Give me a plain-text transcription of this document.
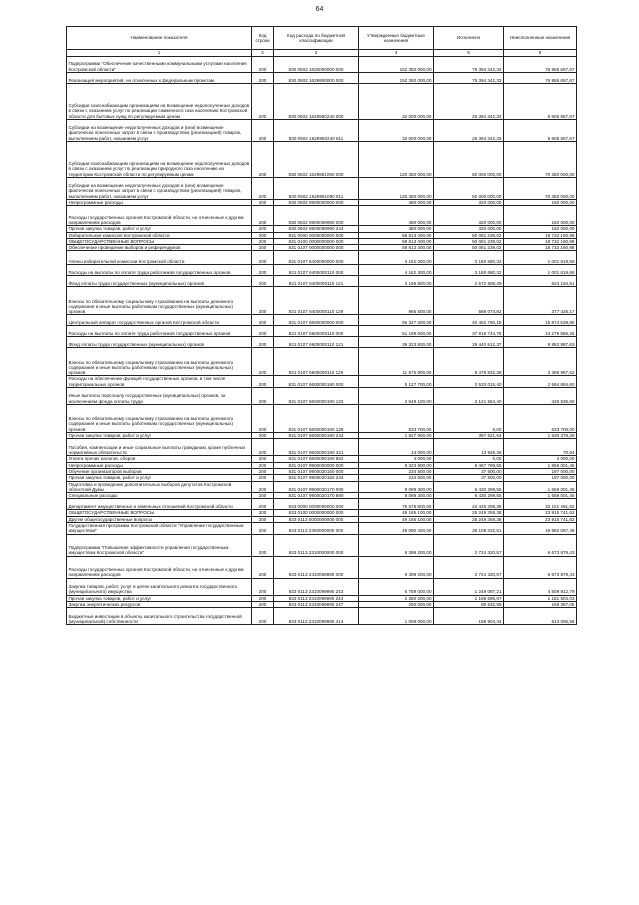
64
Наименование показателя	Код строки	Код расхода по бюджетной классификации	Утвержденные бюджетные назначения	Исполнено	Неисполненные назначения
1	2	3	4	5	6
Подпрограмма "Обеспечение качественными коммунальными услугами населения Костромской области"	200	830 0502 1620000000 000	152 350 000,00	75 394 342,33	76 955 657,67
Реализация мероприятий, не отнесенных к федеральным проектам	200	830 0502 1629900000 000	152 350 000,00	75 394 342,33	76 955 657,67
Субсидии газоснабжающим организациям на возмещение недополученных доходов в связи с оказанием услуг по реализации сжиженного газа населению Костромской области для бытовых нужд по регулируемым ценам	200	830 0502 1629960240 000	32 000 000,00	25 394 342,33	6 605 657,67
Субсидии на возмещение недополученных доходов и (или) возмещение фактически понесенных затрат в связи с производством (реализацией) товаров, выполнением работ, оказанием услуг	200	830 0502 1629960240 811	32 000 000,00	25 394 342,33	6 605 657,67
Субсидии газоснабжающим организациям на возмещение недополученных доходов в связи с оказанием услуг по реализации природного газа населению на территории Костромской области по регулируемым ценам	200	830 0502 1629961090 000	120 350 000,00	50 000 000,00	70 350 000,00
Субсидии на возмещение недополученных доходов и (или) возмещение фактически понесенных затрат в связи с производством (реализацией) товаров, выполнением работ, оказанием услуг	200	830 0502 1629961090 811	120 350 000,00	50 000 000,00	70 350 000,00
Непрограммные расходы	200	830 0502 9900000000 000	480 000,00	320 000,00	160 000,00
Расходы государственных органов Костромской области, не отнесенные к другим направлениям расходов	200	830 0502 9900099990 000	480 000,00	320 000,00	160 000,00
Прочая закупка товаров, работ и услуг	200	830 0502 9900099990 244	480 000,00	320 000,00	160 000,00
Избирательная комиссия Костромской области	200	831 0000 0000000000 000	68 813 400,00	50 081 239,02	18 732 160,98
ОБЩЕГОСУДАРСТВЕННЫЕ ВОПРОСЫ	200	831 0100 0000000000 000	68 813 400,00	50 081 239,02	18 732 160,98
Обеспечение проведения выборов и референдумов	200	831 0107 0000000000 000	68 813 400,00	50 081 239,02	18 732 160,98
Члены избирательной комиссии Костромской области	200	831 0107 6400000000 000	4 162 300,00	3 160 680,32	1 001 619,68
Расходы на выплаты по оплате труда работников государственных органов	200	831 0107 6400000110 000	4 162 300,00	3 160 680,32	1 001 619,68
Фонд оплаты труда государственных (муниципальных) органов	200	831 0107 6400000110 121	3 196 800,00	2 572 605,49	624 194,51
Взносы по обязательному социальному страхованию на выплаты денежного содержания и иные выплаты работникам государственных (муниципальных) органов	200	831 0107 6400000110 129	965 500,00	588 074,83	377 425,17
Центральный аппарат государственных органов Костромской области	200	831 0107 6600000000 000	56 327 300,00	40 452 760,15	15 874 539,85
Расходы на выплаты по оплате труда работников государственных органов	200	831 0107 6600000110 000	51 199 600,00	37 919 744,75	13 279 855,25
Фонд оплаты труда государственных (муниципальных) органов	200	831 0107 6600000110 121	39 323 800,00	29 440 912,37	9 882 887,63
Взносы по обязательному социальному страхованию на выплаты денежного содержания и иные выплаты работникам государственных (муниципальных) органов	200	831 0107 6600000110 129	11 875 800,00	8 478 832,38	3 396 967,62
Расходы на обеспечение функций государственных органов, в том числе территориальных органов	200	831 0107 6600000190 000	5 127 700,00	2 533 015,40	2 594 684,60
Иные выплаты персоналу государственных (муниципальных) органов, за исключением фонда оплаты труда	200	831 0107 6600000190 122	2 548 100,00	2 121 564,40	426 535,60
Взносы по обязательному социальному страхованию на выплаты денежного содержания и иные выплаты работникам государственных (муниципальных) органов	200	831 0107 6600000190 129	633 700,00	0,00	633 700,00
Прочая закупка товаров, работ и услуг	200	831 0107 6600000190 244	1 927 900,00	397 521,64	1 530 378,36
Пособия, компенсации и иные социальные выплаты гражданам, кроме публичных нормативных обязательств	200	831 0107 6600000190 321	14 000,00	13 929,36	70,64
Уплата прочих налогов, сборов	200	831 0107 6600000190 852	4 000,00	0,00	4 000,00
Непрограммные расходы	200	831 0107 9900000000 000	8 323 800,00	6 467 798,55	1 856 001,45
Обучение организаторов выборов	200	831 0107 9900020150 000	234 500,00	37 500,00	197 000,00
Прочая закупка товаров, работ и услуг	200	831 0107 9900020150 244	234 500,00	37 500,00	197 000,00
Подготовка и проведение дополнительных выборов депутатов Костромской областной Думы	200	831 0107 9900020170 000	8 089 300,00	6 430 298,55	1 659 001,45
Специальные расходы	200	831 0107 9900020170 880	8 089 300,00	6 430 298,55	1 659 001,45
Департамент имущественных и земельных отношений Костромской области	200	833 0000 0000000000 000	75 576 800,00	42 425 308,38	33 151 491,62
ОБЩЕГОСУДАРСТВЕННЫЕ ВОПРОСЫ	200	833 0100 0000000000 000	49 165 100,00	25 249 358,38	23 915 741,62
Другие общегосударственные вопросы	200	833 0113 0000000000 000	49 165 100,00	25 249 358,38	23 915 741,62
Государственная программа Костромской области "Управление государственным имуществом"	200	833 0113 2300000000 000	45 090 400,00	25 108 332,51	19 982 067,49
Подпрограмма "Повышение эффективности управления государственным имуществом Костромской области"	200	833 0113 2310000000 000	9 398 200,00	2 724 320,57	6 673 879,43
Расходы государственных органов Костромской области, не отнесенные к другим направлениям расходов	200	833 0113 2310099990 000	9 398 200,00	2 724 320,57	6 673 879,43
Закупка товаров, работ, услуг в целях капитального ремонта государственного (муниципального) имущества	200	833 0113 2310099990 243	5 759 000,00	1 249 087,21	4 509 912,79
Прочая закупка товаров, работ и услуг	200	833 0113 2310099990 244	2 380 200,00	1 198 695,97	1 181 504,03
Закупка энергетических ресурсов	200	833 0113 2310099990 247	250 000,00	80 632,95	169 367,05
Бюджетные инвестиции в объекты капитального строительства государственной (муниципальной) собственности	200	833 0113 2310099990 414	1 009 000,00	195 904,44	813 095,56
